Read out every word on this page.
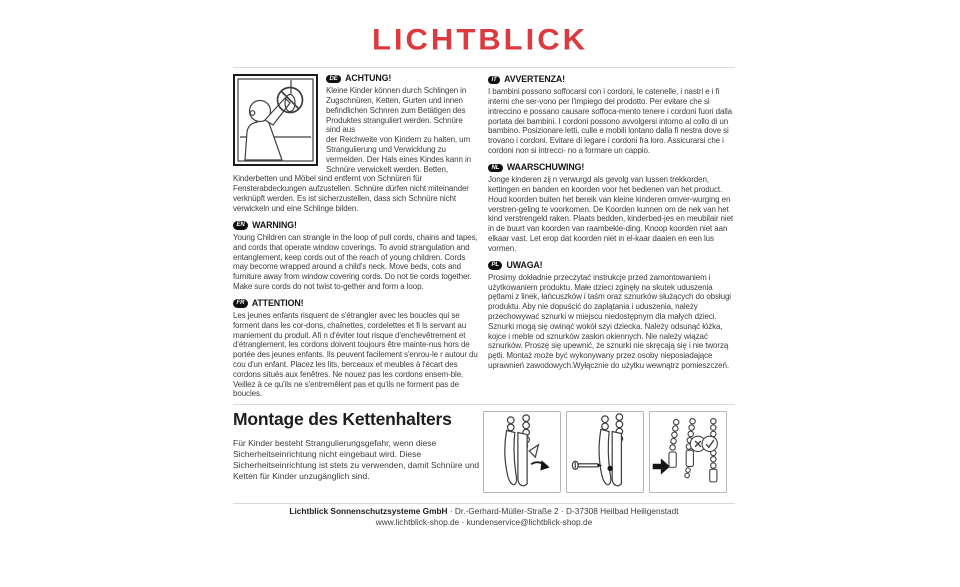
LICHTBLICK
DE ACHTUNG!

Kleine Kinder können durch Schlingen in Zugschnüren, Ketten, Gurten und innen befindlichen Schnren zum Betätigen des Produktes stranguliert werden. Schnüre sind aus
der Reichweite von Kindern zu halten, um Strangulierung und Verwicklung zu vermeiden. Der Hals eines Kindes kann in Schnüre verwickelt werden. Betten, Kinderbetten und Möbel sind entfernt von Schnüren für Fensterabdeckungen aufzustellen. Schnüre dürfen nicht miteinander verknüpft werden. Es ist sicherzustellen, dass sich Schnüre nicht verwickeln und eine Schlinge bilden.

EN WARNING!

Young Children can strangle in the loop of pull cords, chains and tapes, and cords that operate window coverings. To avoid strangulation and entanglement, keep cords out of the reach of young children. Cords may become wrapped around a child's neck. Move beds, cots and furniture away from window covering cords. Do not tie cords together. Make sure cords do not twist to-gether and form a loop.

FR ATTENTION!

Les jeunes enfants risquent de s'étrangler avec les boucles qui se forment dans les cor-dons, chaînettes, cordelettes et fi ls servant au maniement du produit. Afi n d'éviter tout risque d'enchevêtrement et d'étranglement, les cordons doivent toujours être mainte-nus hors de portée des jeunes enfants. Ils peuvent facilement s'enrou-le r autour du cou d'un enfant. Placez les lits, berceaux et meubles à l'écart des cordons situés aux fenêtres. Ne nouez pas les cordons ensem-ble. Veillez à ce qu'ils ne s'entremêlent pas et qu'ils ne forment pas de boucles.

IT AVVERTENZA!

I bambini possono soffocarsi con i cordoni, le catenelle, i nastri e i fi interni che ser-vono per l'impiego del prodotto. Per evitare che si intreccino e possano causare soffoca-mento tenere i cordoni fuori dalla portata dei bambini. I cordoni possono avvolgersi intorno al collo di un bambino. Posizionare letti, culle e mobili lontano dalla fi nestra dove si trovano i cordoni. Evitare di legare i cordoni fra loro. Assicurarsi che i cordoni non si intrecci- no a formare un cappio.

NL WAARSCHUWING!

Jonge kinderen zij n verwurgd als gevolg van lussen trekkorden, kettingen en banden en koorden voor het bedienen van het product. Houd koorden buiten het bereik van kleine kinderen omver-wurging en verstren-geling te voorkomen. De Koorden kunnen om de nek van het kind verstrengeld raken. Plaats bedden, kinderbed-jes en meubilair niet in de buurt van koorden van raambekle-ding. Knoop koorden niet aan elkaar vast. Let erop dat koorden niet in el-kaar daaien en een lus vormen.

PL UWAGA!

Prosimy dokładnie przeczytać instrukcje przed zamontowaniem i użytkowaniem produktu. Małe dzieci zginęły na skutek uduszenia pętlami z linek, łańcuszków i taśm oraz sznurków służących do obsługi produktu. Aby nie dopuścić do zaplątania i uduszenia, należy przechowywać sznurki w miejscu niedostępnym dla małych dzieci. Sznurki mogą się owinąć wokół szyi dziecka. Należy odsunąć łóżka, kojce i meble od sznurków zasłon okiennych. Nie należy wiązać sznurków. Proszę się upewnić, że sznurki nie skręcają się i nie tworzą pętli. Montaż może być wykonywany przez osoby nieposiadające uprawnień zawodowych.Wyłącznie do użytku wewnątrz pomieszczeń.

Montage des Kettenhalters
Für Kinder besteht Strangulierungsgefahr, wenn diese Sicherheitseinrichtung nicht eingebaut wird. Diese Sicherheitseinrichtung ist stets zu verwenden, damit Schnüre und Ketten für Kinder unzugänglich sind.
Lichtblick Sonnenschutzsysteme GmbH · Dr.-Gerhard-Müller-Straße 2 · D-37308 Heilbad Heiligenstadt
www.lichtblick-shop.de · kundenservice@lichtblick-shop.de
